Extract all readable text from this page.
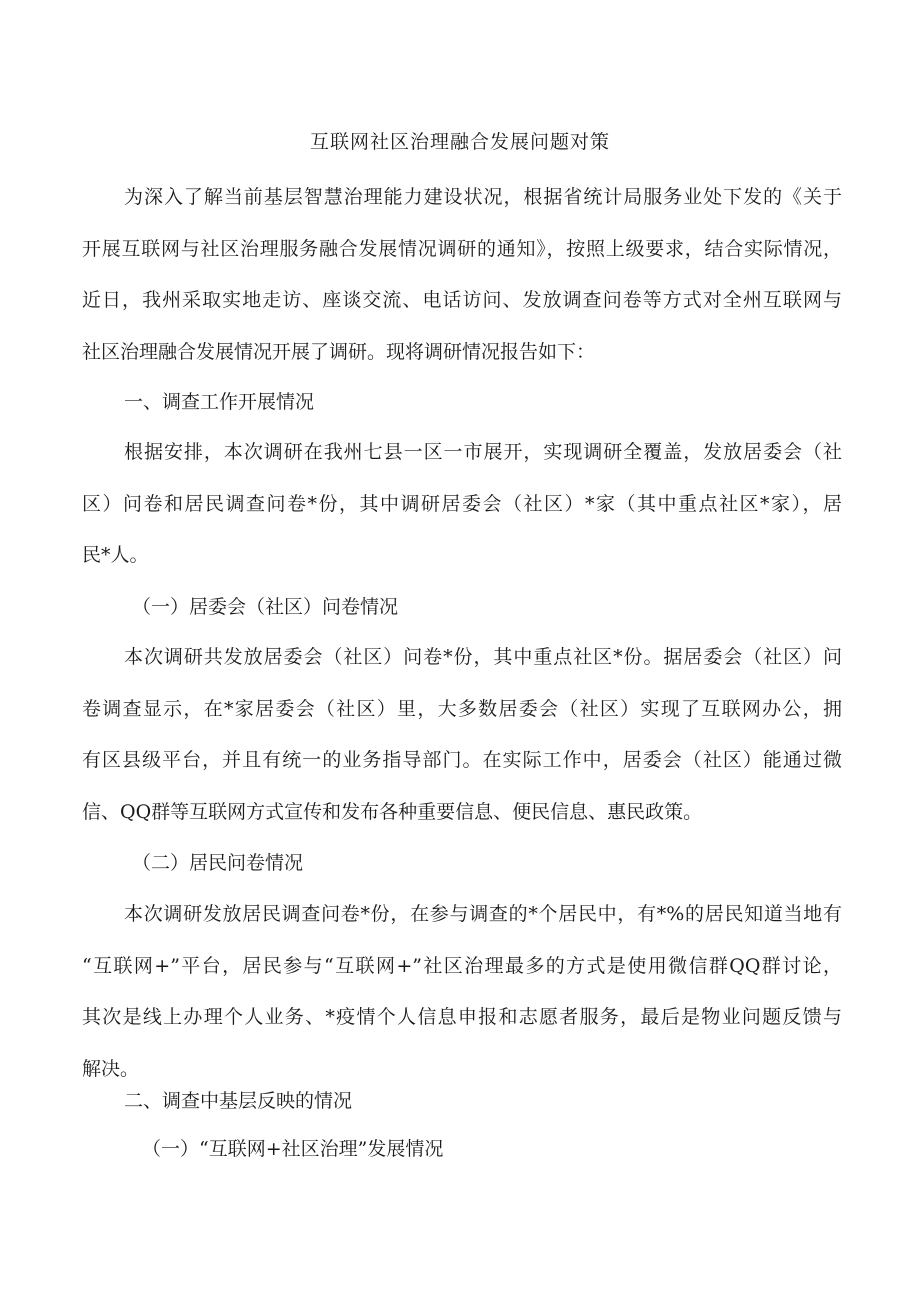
互联网社区治理融合发展问题对策
为深入了解当前基层智慧治理能力建设状况，根据省统计局服务业处下发的《关于
开展互联网与社区治理服务融合发展情况调研的通知》，按照上级要求，结合实际情况，
近日，我州采取实地走访、座谈交流、电话访问、发放调查问卷等方式对全州互联网与
社区治理融合发展情况开展了调研。现将调研情况报告如下：
一、调查工作开展情况
根据安排，本次调研在我州七县一区一市展开，实现调研全覆盖，发放居委会（社
区）问卷和居民调查问卷*份，其中调研居委会（社区）*家（其中重点社区*家），居
民*人。
（一）居委会（社区）问卷情况
本次调研共发放居委会（社区）问卷*份，其中重点社区*份。据居委会（社区）问
卷调查显示，在*家居委会（社区）里，大多数居委会（社区）实现了互联网办公，拥
有区县级平台，并且有统一的业务指导部门。在实际工作中，居委会（社区）能通过微
信、QQ群等互联网方式宣传和发布各种重要信息、便民信息、惠民政策。
（二）居民问卷情况
本次调研发放居民调查问卷*份，在参与调查的*个居民中，有*%的居民知道当地有
“互联网+”平台，居民参与“互联网+”社区治理最多的方式是使用微信群QQ群讨论，
其次是线上办理个人业务、*疫情个人信息申报和志愿者服务，最后是物业问题反馈与
解决。
二、调查中基层反映的情况
（一）“互联网+社区治理”发展情况
